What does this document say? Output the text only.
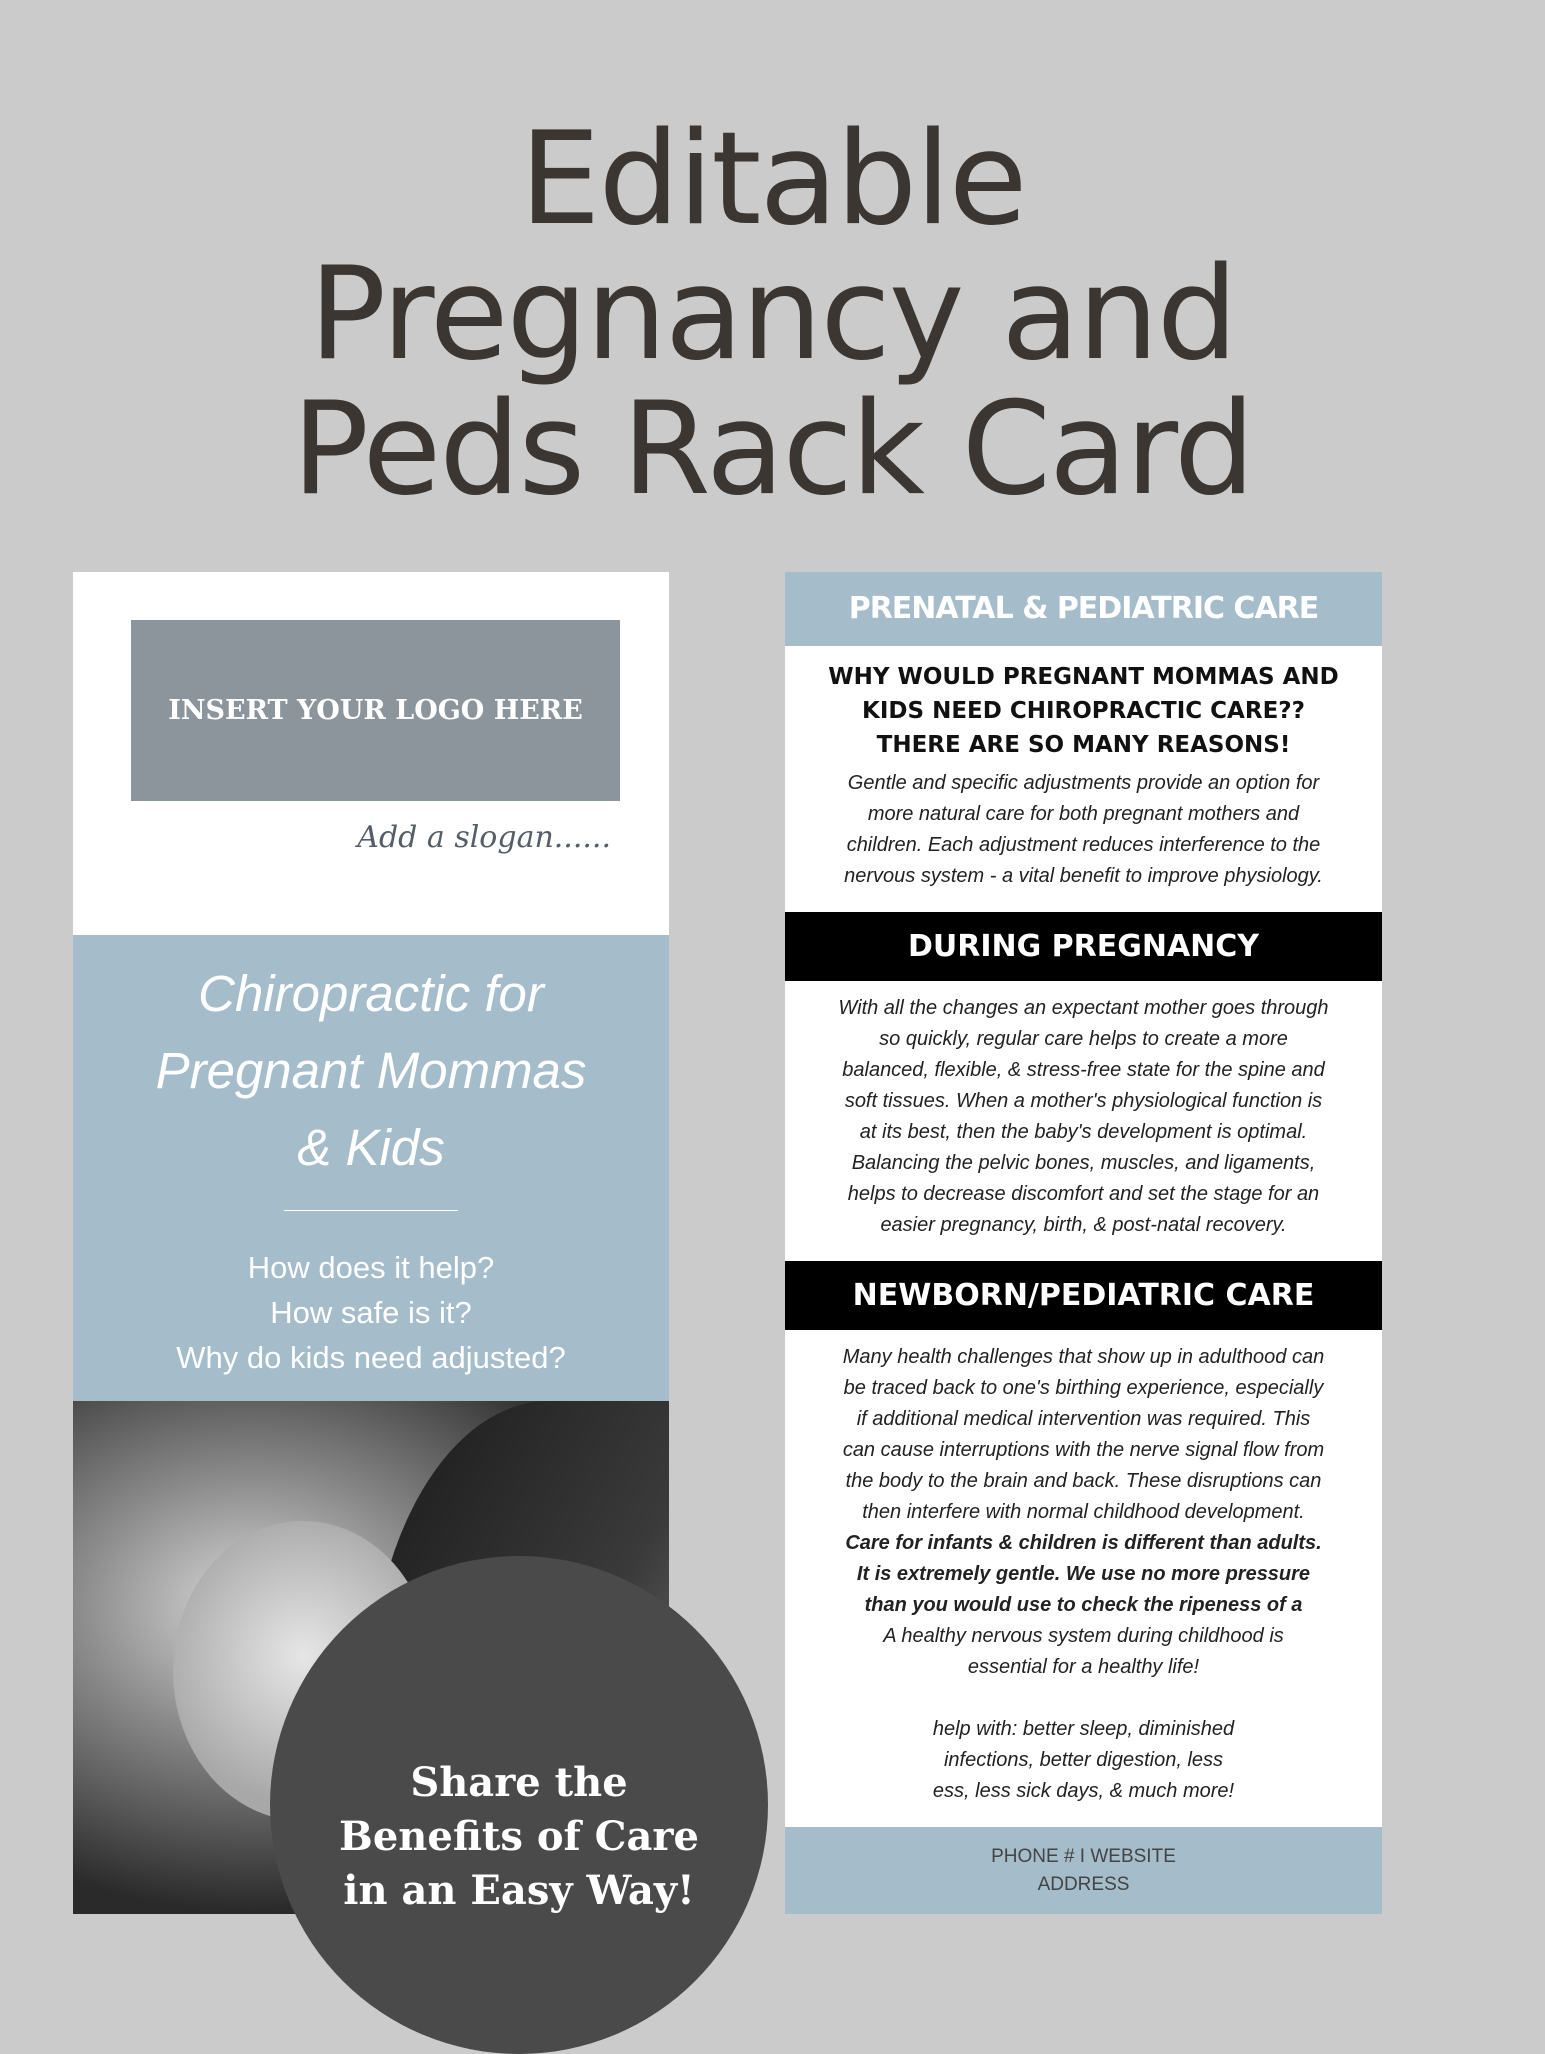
Editable
Pregnancy and
Peds Rack Card
INSERT YOUR LOGO HERE
Add a slogan......
Chiropractic for
Pregnant Mommas
& Kids

How does it help?
How safe is it?
Why do kids need adjusted?

PRENATAL & PEDIATRIC CARE
WHY WOULD PREGNANT MOMMAS AND
KIDS NEED CHIROPRACTIC CARE??
THERE ARE SO MANY REASONS!
Gentle and specific adjustments provide an option for
more natural care for both pregnant mothers and
children. Each adjustment reduces interference to the
nervous system - a vital benefit to improve physiology.
DURING PREGNANCY
With all the changes an expectant mother goes through
so quickly, regular care helps to create a more
balanced, flexible, & stress-free state for the spine and
soft tissues. When a mother's physiological function is
at its best, then the baby's development is optimal.
Balancing the pelvic bones, muscles, and ligaments,
helps to decrease discomfort and set the stage for an
easier pregnancy, birth, & post-natal recovery.
NEWBORN/PEDIATRIC CARE
Many health challenges that show up in adulthood can
be traced back to one's birthing experience, especially
if additional medical intervention was required. This
can cause interruptions with the nerve signal flow from
the body to the brain and back. These disruptions can
then interfere with normal childhood development.
Care for infants & children is different than adults.
It is extremely gentle. We use no more pressure
than you would use to check the ripeness of a
A healthy nervous system during childhood is
essential for a healthy life!
help with: better sleep, diminished
infections, better digestion, less
ess, less sick days, & much more!
PHONE # I WEBSITE
ADDRESS
Share the
Benefits of Care
in an Easy Way!
